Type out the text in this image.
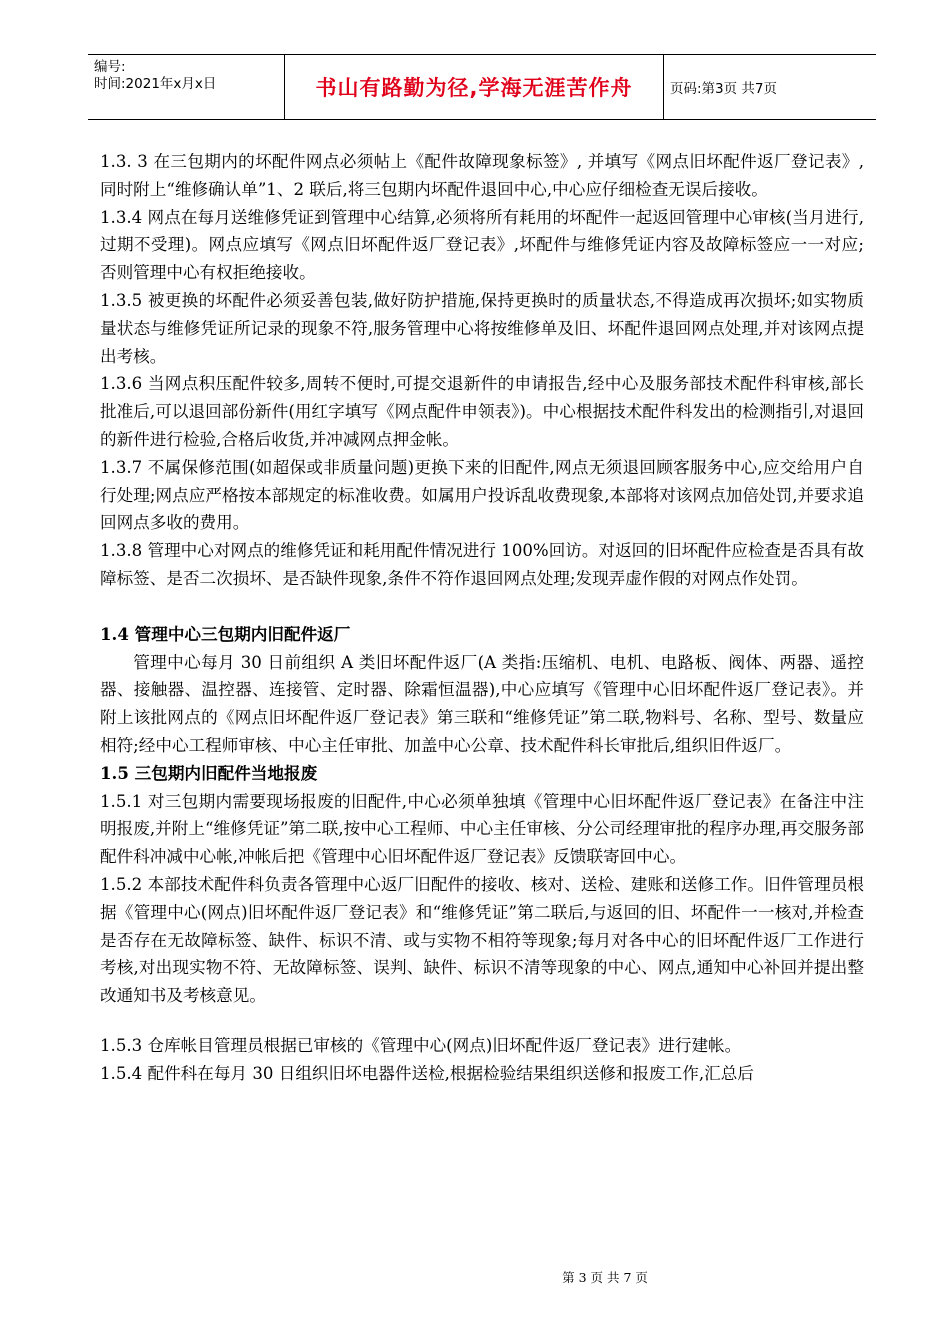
编号:
时间:2021年x月x日	书山有路勤为径,学海无涯苦作舟	页码:第3页 共7页

1.3. 3 在三包期内的坏配件网点必须帖上《配件故障现象标签》, 并填写《网点旧坏配件返厂登记表》,同时附上“维修确认单”1、2 联后,将三包期内坏配件退回中心,中心应仔细检查无误后接收。

1.3.4 网点在每月送维修凭证到管理中心结算,必须将所有耗用的坏配件一起返回管理中心审核(当月进行,过期不受理)。网点应填写《网点旧坏配件返厂登记表》,坏配件与维修凭证内容及故障标签应一一对应;否则管理中心有权拒绝接收。

1.3.5 被更换的坏配件必须妥善包装,做好防护措施,保持更换时的质量状态,不得造成再次损坏;如实物质量状态与维修凭证所记录的现象不符,服务管理中心将按维修单及旧、坏配件退回网点处理,并对该网点提出考核。

1.3.6 当网点积压配件较多,周转不便时,可提交退新件的申请报告,经中心及服务部技术配件科审核,部长批准后,可以退回部份新件(用红字填写《网点配件申领表》)。中心根据技术配件科发出的检测指引,对退回的新件进行检验,合格后收货,并冲减网点押金帐。

1.3.7 不属保修范围(如超保或非质量问题)更换下来的旧配件,网点无须退回顾客服务中心,应交给用户自行处理;网点应严格按本部规定的标准收费。如属用户投诉乱收费现象,本部将对该网点加倍处罚,并要求追回网点多收的费用。

1.3.8 管理中心对网点的维修凭证和耗用配件情况进行 100%回访。对返回的旧坏配件应检查是否具有故障标签、是否二次损坏、是否缺件现象,条件不符作退回网点处理;发现弄虚作假的对网点作处罚。

1.4 管理中心三包期内旧配件返厂

管理中心每月 30 日前组织 A 类旧坏配件返厂(A 类指:压缩机、电机、电路板、阀体、两器、遥控器、接触器、温控器、连接管、定时器、除霜恒温器),中心应填写《管理中心旧坏配件返厂登记表》。并附上该批网点的《网点旧坏配件返厂登记表》第三联和“维修凭证”第二联,物料号、名称、型号、数量应相符;经中心工程师审核、中心主任审批、加盖中心公章、技术配件科长审批后,组织旧件返厂。

1.5 三包期内旧配件当地报废

1.5.1 对三包期内需要现场报废的旧配件,中心必须单独填《管理中心旧坏配件返厂登记表》在备注中注明报废,并附上“维修凭证”第二联,按中心工程师、中心主任审核、分公司经理审批的程序办理,再交服务部配件科冲减中心帐,冲帐后把《管理中心旧坏配件返厂登记表》反馈联寄回中心。

1.5.2 本部技术配件科负责各管理中心返厂旧配件的接收、核对、送检、建账和送修工作。旧件管理员根据《管理中心(网点)旧坏配件返厂登记表》和“维修凭证”第二联后,与返回的旧、坏配件一一核对,并检查是否存在无故障标签、缺件、标识不清、或与实物不相符等现象;每月对各中心的旧坏配件返厂工作进行考核,对出现实物不符、无故障标签、误判、缺件、标识不清等现象的中心、网点,通知中心补回并提出整改通知书及考核意见。

1.5.3 仓库帐目管理员根据已审核的《管理中心(网点)旧坏配件返厂登记表》进行建帐。

1.5.4 配件科在每月 30 日组织旧坏电器件送检,根据检验结果组织送修和报废工作,汇总后

第 3 页 共 7 页
